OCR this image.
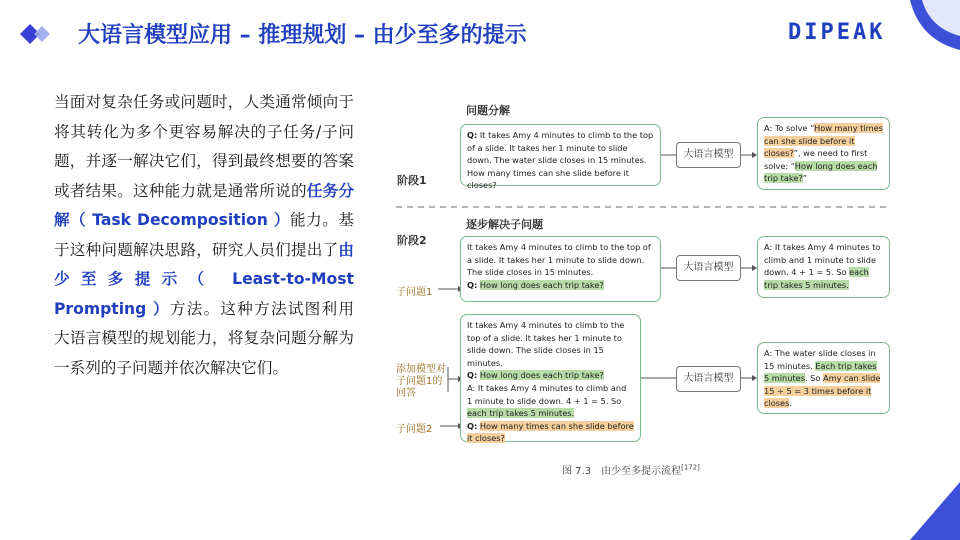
大语言模型应用 – 推理规划 – 由少至多的提示	DIPEAK
当面对复杂任务或问题时，人类通常倾向于将其转化为多个更容易解决的子任务/子问题，并逐一解决它们，得到最终想要的答案或者结果。这种能力就是通常所说的任务分解（ Task Decomposition ）能力。基于这种问题解决思路，研究人员们提出了由少至多提示（ Least-to-Most Prompting ）方法。这种方法试图利用大语言模型的规划能力，将复杂问题分解为一系列的子问题并依次解决它们。
问题分解
阶段1
逐步解决子问题
阶段2
Q: It takes Amy 4 minutes to climb to the top of a slide. It takes her 1 minute to slide down. The water slide closes in 15 minutes. How many times can she slide before it closes?
大语言模型
A: To solve “How many times can she slide before it closes?”, we need to first solve: “How long does each trip take?”
It takes Amy 4 minutes to climb to the top of a slide. It takes her 1 minute to slide down. The slide closes in 15 minutes.
Q: How long does each trip take?
子问题1
大语言模型
A: It takes Amy 4 minutes to climb and 1 minute to slide down. 4 + 1 = 5. So each trip takes 5 minutes.
It takes Amy 4 minutes to climb to the top of a slide. It takes her 1 minute to slide down. The slide closes in 15 minutes.
Q: How long does each trip take?
A: It takes Amy 4 minutes to climb and 1 minute to slide down. 4 + 1 = 5. So each trip takes 5 minutes.
Q: How many times can she slide before it closes?
添加模型对子问题1的回答
子问题2
大语言模型
A: The water slide closes in 15 minutes. Each trip takes 5 minutes. So Amy can slide 15 ÷ 5 = 3 times before it closes.
图 7.3　由少至多提示流程[172]
